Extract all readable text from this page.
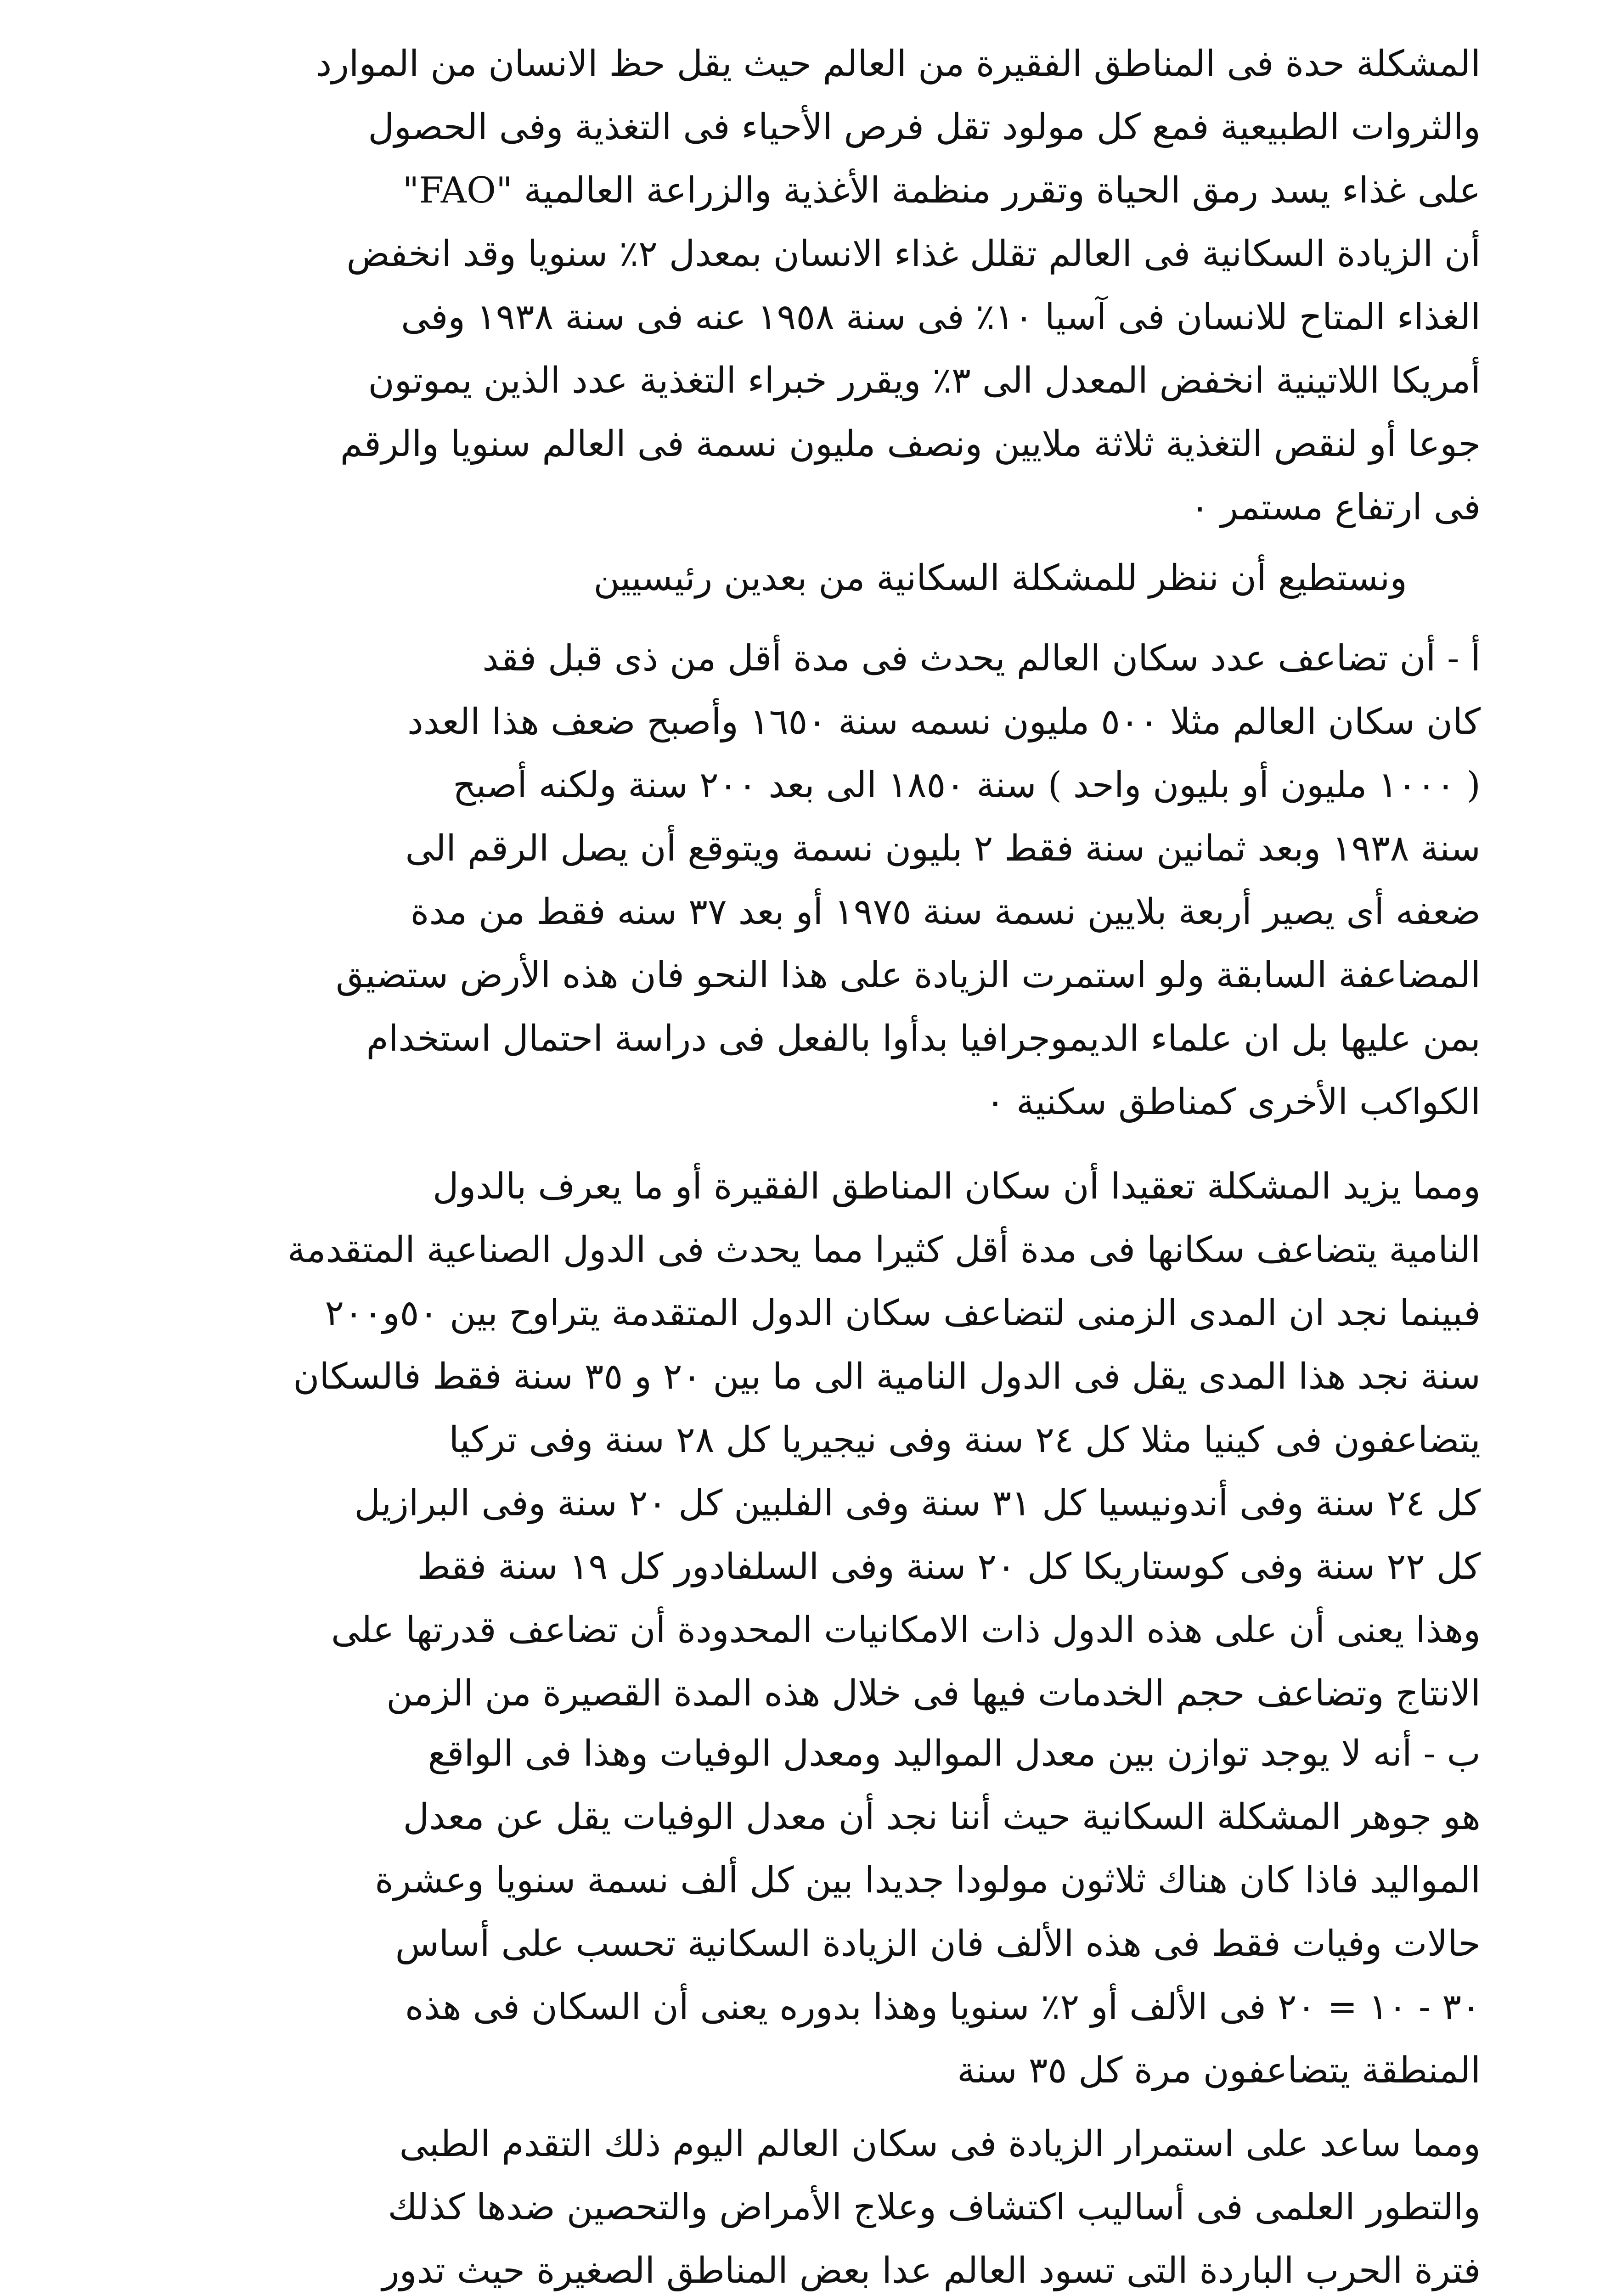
المشكلة حدة فى المناطق الفقيرة من العالم حيث يقل حظ الانسان من الموارد

والثروات الطبيعية فمع كل مولود تقل فرص الأحياء فى التغذية وفى الحصول

على غذاء يسد رمق الحياة وتقرر منظمة الأغذية والزراعة العالمية "FAO"

أن الزيادة السكانية فى العالم تقلل غذاء الانسان بمعدل ٢٪ سنويا وقد انخفض

الغذاء المتاح للانسان فى آسيا ١٠٪ فى سنة ١٩٥٨ عنه فى سنة ١٩٣٨ وفى

أمريكا اللاتينية انخفض المعدل الى ٣٪ ويقرر خبراء التغذية عدد الذين يموتون

جوعا أو لنقص التغذية ثلاثة ملايين ونصف مليون نسمة فى العالم سنويا والرقم

فى ارتفاع مستمر ٠

ونستطيع أن ننظر للمشكلة السكانية من بعدين رئيسيين

أ - أن تضاعف عدد سكان العالم يحدث فى مدة أقل من ذى قبل فقد

كان سكان العالم مثلا ٥٠٠ مليون نسمه سنة ١٦٥٠ وأصبح ضعف هذا العدد

( ١٠٠٠ مليون أو بليون واحد ) سنة ١٨٥٠ الى بعد ٢٠٠ سنة ولكنه أصبح

سنة ١٩٣٨ وبعد ثمانين سنة فقط ٢ بليون نسمة ويتوقع أن يصل الرقم الى

ضعفه أى يصير أربعة بلايين نسمة سنة ١٩٧٥ أو بعد ٣٧ سنه فقط من مدة

المضاعفة السابقة ولو استمرت الزيادة على هذا النحو فان هذه الأرض ستضيق

بمن عليها بل ان علماء الديموجرافيا بدأوا بالفعل فى دراسة احتمال استخدام

الكواكب الأخرى كمناطق سكنية ٠

ومما يزيد المشكلة تعقيدا أن سكان المناطق الفقيرة أو ما يعرف بالدول

النامية يتضاعف سكانها فى مدة أقل كثيرا مما يحدث فى الدول الصناعية المتقدمة

فبينما نجد ان المدى الزمنى لتضاعف سكان الدول المتقدمة يتراوح بين ٥٠و٢٠٠

سنة نجد هذا المدى يقل فى الدول النامية الى ما بين ٢٠ و ٣٥ سنة فقط فالسكان

يتضاعفون فى كينيا مثلا كل ٢٤ سنة وفى نيجيريا كل ٢٨ سنة وفى تركيا

كل ٢٤ سنة وفى أندونيسيا كل ٣١ سنة وفى الفلبين كل ٢٠ سنة وفى البرازيل

كل ٢٢ سنة وفى كوستاريكا كل ٢٠ سنة وفى السلفادور كل ١٩ سنة فقط

وهذا يعنى أن على هذه الدول ذات الامكانيات المحدودة أن تضاعف قدرتها على

الانتاج وتضاعف حجم الخدمات فيها فى خلال هذه المدة القصيرة من الزمن

ب - أنه لا يوجد توازن بين معدل المواليد ومعدل الوفيات وهذا فى الواقع

هو جوهر المشكلة السكانية حيث أننا نجد أن معدل الوفيات يقل عن معدل

المواليد فاذا كان هناك ثلاثون مولودا جديدا بين كل ألف نسمة سنويا وعشرة

حالات وفيات فقط فى هذه الألف فان الزيادة السكانية تحسب على أساس

٣٠ - ١٠ = ٢٠ فى الألف أو ٢٪ سنويا وهذا بدوره يعنى أن السكان فى هذه

المنطقة يتضاعفون مرة كل ٣٥ سنة

ومما ساعد على استمرار الزيادة فى سكان العالم اليوم ذلك التقدم الطبى

والتطور العلمى فى أساليب اكتشاف وعلاج الأمراض والتحصين ضدها كذلك

فترة الحرب الباردة التى تسود العالم عدا بعض المناطق الصغيرة حيث تدور
